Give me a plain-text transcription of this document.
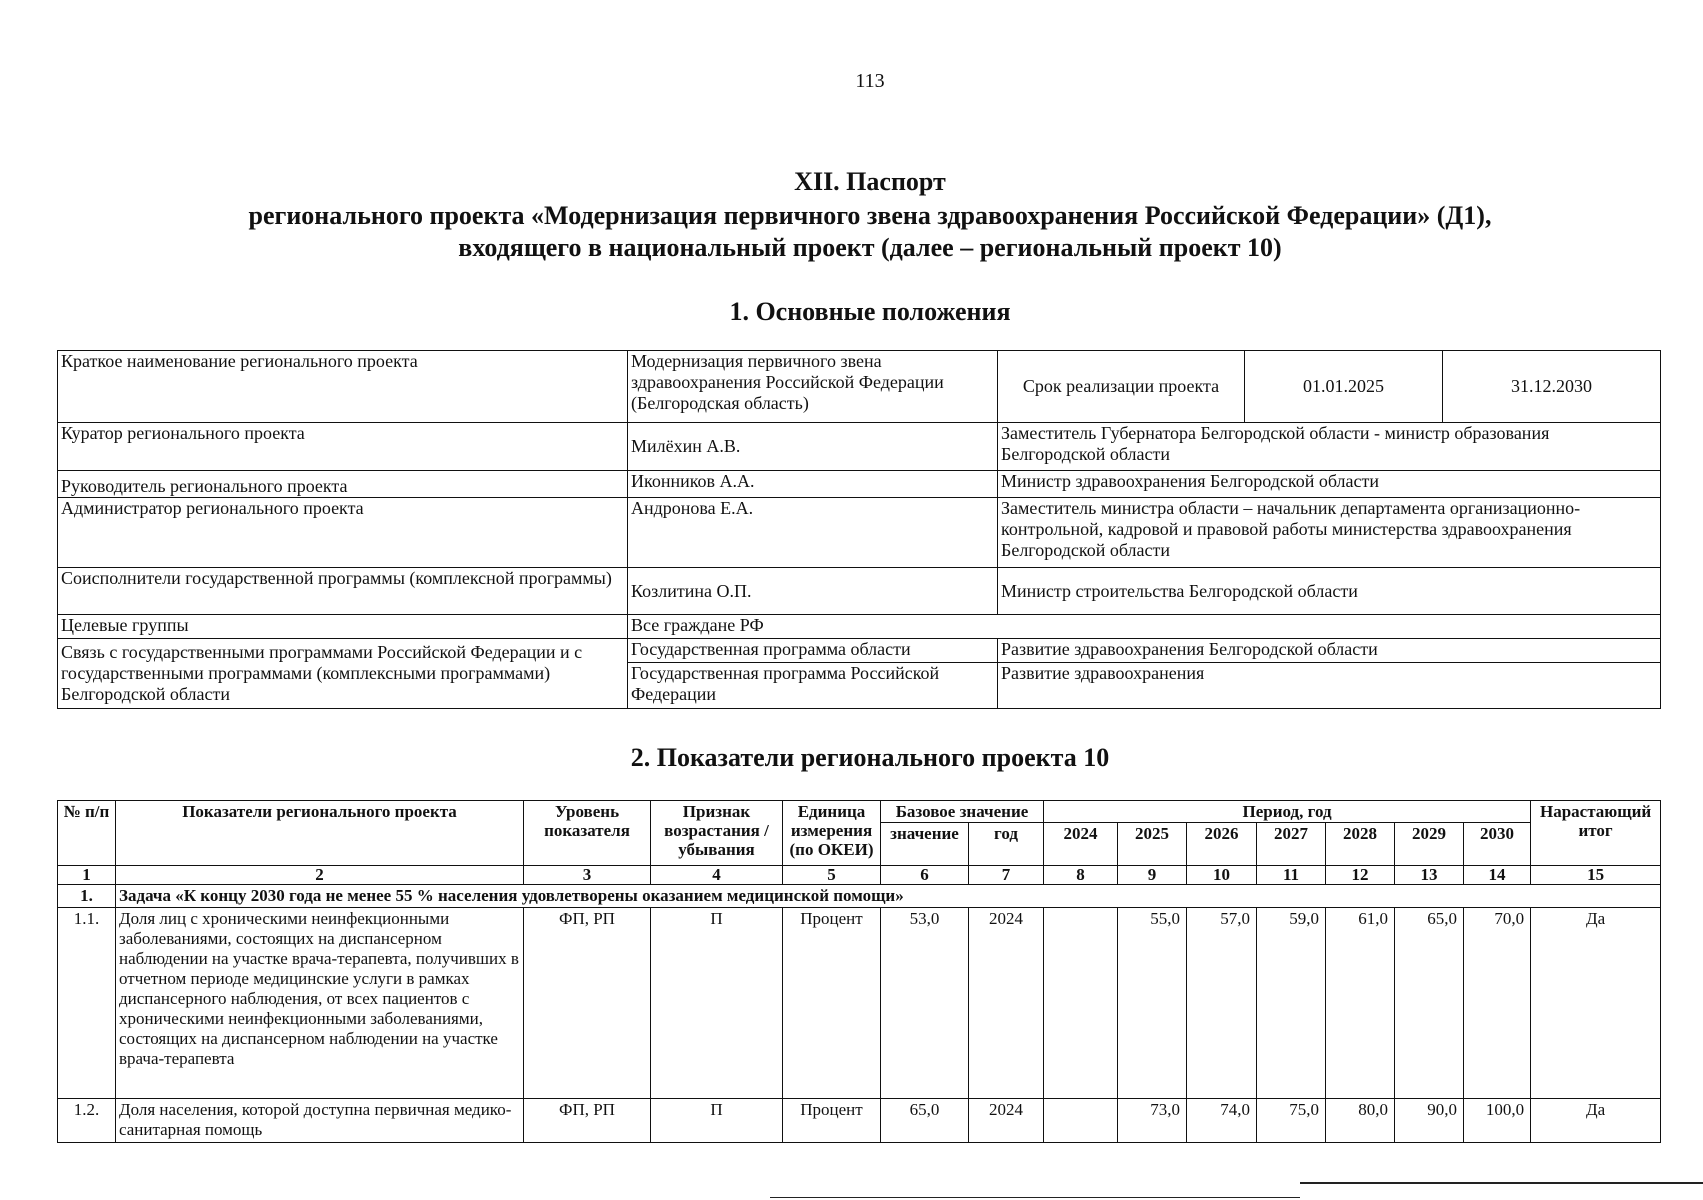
113
XII. Паспорт
регионального проекта «Модернизация первичного звена здравоохранения Российской Федерации» (Д1),
входящего в национальный проект (далее – региональный проект 10)
1. Основные положения
Краткое наименование регионального проекта	Модернизация первичного звена здравоохранения Российской Федерации (Белгородская область)	Срок реализации проекта	01.01.2025	31.12.2030
Куратор регионального проекта	Милёхин А.В.	Заместитель Губернатора Белгородской области - министр образования Белгородской области		
Руководитель регионального проекта	Иконников А.А.	Министр здравоохранения Белгородской области		
Администратор регионального проекта	Андронова Е.А.	Заместитель министра области – начальник департамента организационно-контрольной, кадровой и правовой работы министерства здравоохранения Белгородской области		
Соисполнители государственной программы (комплексной программы)	Козлитина О.П.	Министр строительства Белгородской области		
Целевые группы	Все граждане РФ			
Связь с государственными программами Российской Федерации и с государственными программами (комплексными программами) Белгородской области	Государственная программа области	Развитие здравоохранения Белгородской области		
	Государственная программа Российской Федерации	Развитие здравоохранения		
2. Показатели регионального проекта 10
№ п/п	Показатели регионального проекта	Уровень показателя	Признак возрастания / убывания	Единица измерения (по ОКЕИ)	Базовое значение		Период, год							Нарастающий итог
					значение	год	2024	2025	2026	2027	2028	2029	2030	
1	2	3	4	5	6	7	8	9	10	11	12	13	14	15
1.	Задача «К концу 2030 года не менее 55 % населения удовлетворены оказанием медицинской помощи»													
1.1.	Доля лиц с хроническими неинфекционными заболеваниями, состоящих на диспансерном наблюдении на участке врача-терапевта, получивших в отчетном периоде медицинские услуги в рамках диспансерного наблюдения, от всех пациентов с хроническими неинфекционными заболеваниями, состоящих на диспансерном наблюдении на участке врача-терапевта	ФП, РП	П	Процент	53,0	2024		55,0	57,0	59,0	61,0	65,0	70,0	Да
1.2.	Доля населения, которой доступна первичная медико-санитарная помощь	ФП, РП	П	Процент	65,0	2024		73,0	74,0	75,0	80,0	90,0	100,0	Да
